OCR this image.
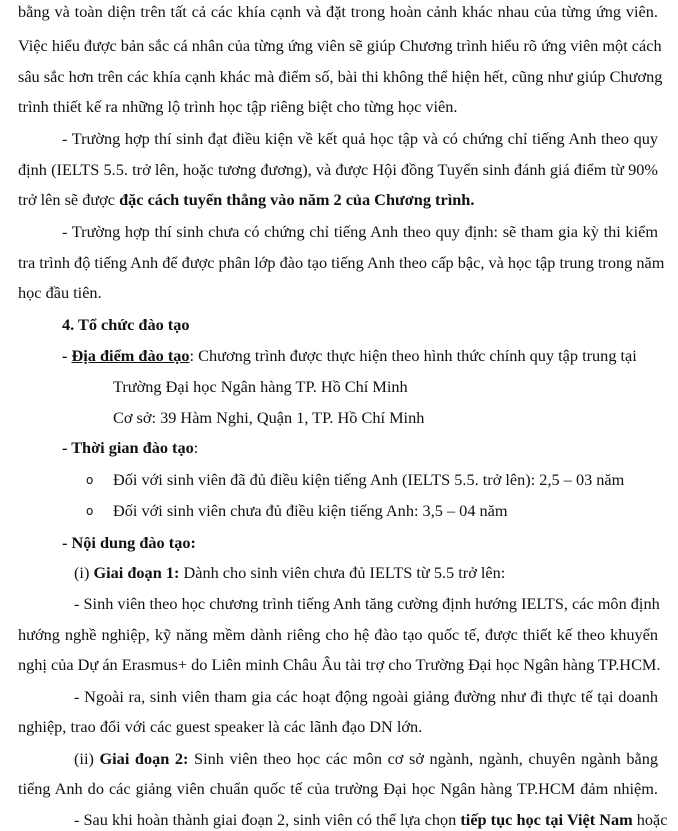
bằng và toàn diện trên tất cả các khía cạnh và đặt trong hoàn cảnh khác nhau của từng ứng viên.
Việc hiểu được bản sắc cá nhân của từng ứng viên sẽ giúp Chương trình hiểu rõ ứng viên một cách
sâu sắc hơn trên các khía cạnh khác mà điểm số, bài thi không thể hiện hết, cũng như giúp Chương
trình thiết kế ra những lộ trình học tập riêng biệt cho từng học viên.
- Trường hợp thí sinh đạt điều kiện về kết quả học tập và có chứng chỉ tiếng Anh theo quy
định (IELTS 5.5. trở lên, hoặc tương đương), và được Hội đồng Tuyển sinh đánh giá điểm từ 90%
trở lên sẽ được đặc cách tuyển thẳng vào năm 2 của Chương trình.
- Trường hợp thí sinh chưa có chứng chỉ tiếng Anh theo quy định: sẽ tham gia kỳ thi kiểm
tra trình độ tiếng Anh để được phân lớp đào tạo tiếng Anh theo cấp bậc, và học tập trung trong năm
học đầu tiên.
4. Tổ chức đào tạo
- Địa điểm đào tạo: Chương trình được thực hiện theo hình thức chính quy tập trung tại
Trường Đại học Ngân hàng TP. Hồ Chí Minh
Cơ sở: 39 Hàm Nghi, Quận 1, TP. Hồ Chí Minh
- Thời gian đào tạo:
o Đối với sinh viên đã đủ điều kiện tiếng Anh (IELTS 5.5. trở lên): 2,5 – 03 năm
o Đối với sinh viên chưa đủ điều kiện tiếng Anh: 3,5 – 04 năm
- Nội dung đào tạo:
(i) Giai đoạn 1: Dành cho sinh viên chưa đủ IELTS từ 5.5 trở lên:
- Sinh viên theo học chương trình tiếng Anh tăng cường định hướng IELTS, các môn định
hướng nghề nghiệp, kỹ năng mềm dành riêng cho hệ đào tạo quốc tế, được thiết kế theo khuyến
nghị của Dự án Erasmus+ do Liên minh Châu Âu tài trợ cho Trường Đại học Ngân hàng TP.HCM.
- Ngoài ra, sinh viên tham gia các hoạt động ngoài giảng đường như đi thực tế tại doanh
nghiệp, trao đổi với các guest speaker là các lãnh đạo DN lớn.
(ii) Giai đoạn 2: Sinh viên theo học các môn cơ sở ngành, ngành, chuyên ngành bằng
tiếng Anh do các giảng viên chuẩn quốc tế của trường Đại học Ngân hàng TP.HCM đảm nhiệm.
- Sau khi hoàn thành giai đoạn 2, sinh viên có thể lựa chọn tiếp tục học tại Việt Nam hoặc
